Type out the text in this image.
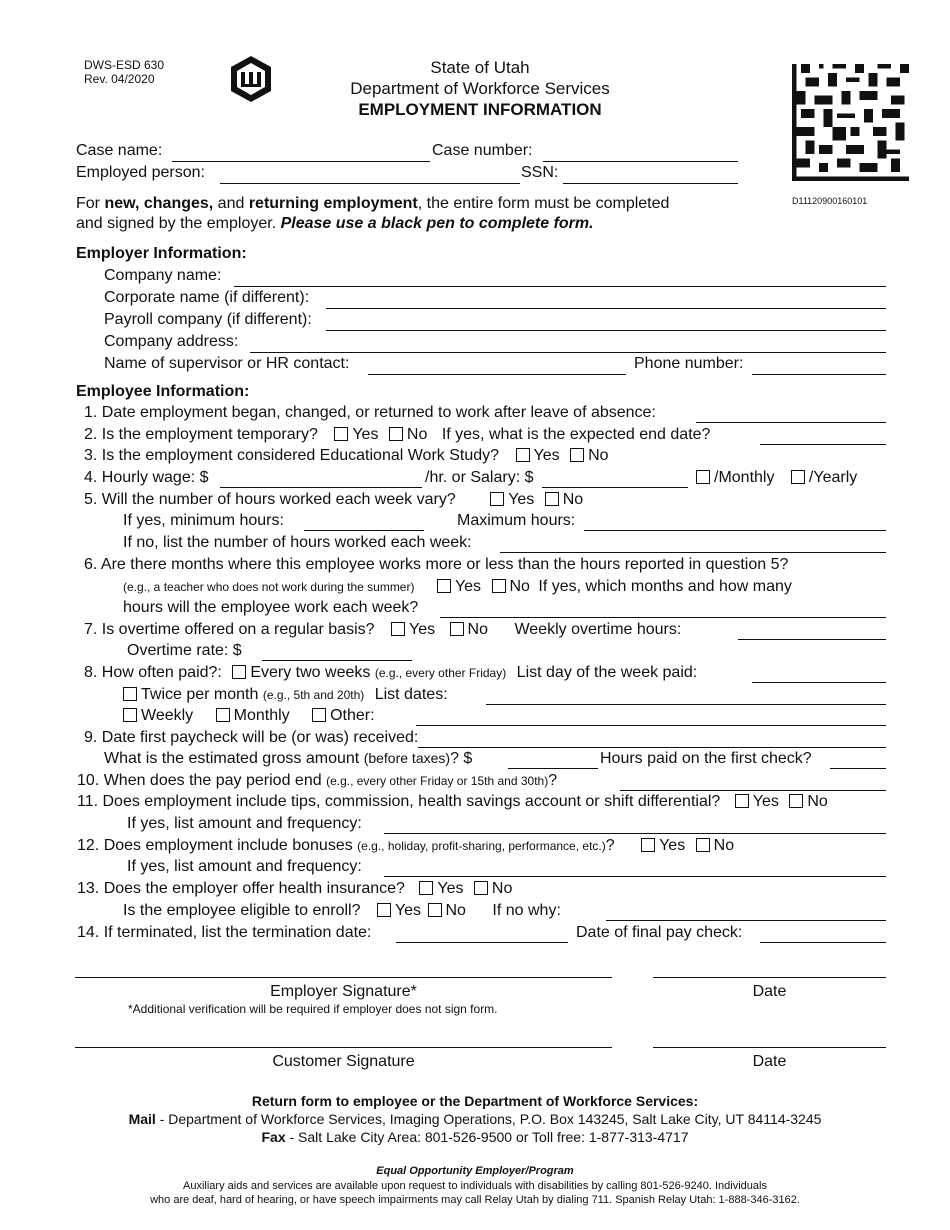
DWS-ESD 630
Rev. 04/2020
State of Utah
Department of Workforce Services
EMPLOYMENT INFORMATION
D11120900160101
Case name:	Case number:
Employed person:	SSN:
For new, changes, and returning employment, the entire form must be completed
and signed by the employer. Please use a black pen to complete form.
Employer Information:
Company name:
Corporate name (if different):
Payroll company (if different):
Company address:
Name of supervisor or HR contact:	Phone number:
Employee Information:
1. Date employment began, changed, or returned to work after leave of absence:
2. Is the employment temporary? Yes No If yes, what is the expected end date?
3. Is the employment considered Educational Work Study? Yes No
4. Hourly wage: $	/hr. or Salary: $	/Monthly /Yearly
5. Will the number of hours worked each week vary?	Yes No
If yes, minimum hours:	Maximum hours:
If no, list the number of hours worked each week:
6. Are there months where this employee works more or less than the hours reported in question 5?
(e.g., a teacher who does not work during the summer)	Yes No If yes, which months and how many
hours will the employee work each week?
7. Is overtime offered on a regular basis? Yes No Weekly overtime hours:
Overtime rate: $
8. How often paid?: Every two weeks (e.g., every other Friday) List day of the week paid:
Twice per month (e.g., 5th and 20th) List dates:
Weekly	Monthly	Other:
9. Date first paycheck will be (or was) received:
What is the estimated gross amount (before taxes)? $	Hours paid on the first check?
10. When does the pay period end (e.g., every other Friday or 15th and 30th)?
11. Does employment include tips, commission, health savings account or shift differential? Yes No
If yes, list amount and frequency:
12. Does employment include bonuses (e.g., holiday, profit-sharing, performance, etc.)?	Yes No
If yes, list amount and frequency:
13. Does the employer offer health insurance? Yes No
Is the employee eligible to enroll? Yes No If no why:
14. If terminated, list the termination date:	Date of final pay check:
Employer Signature*	Date
*Additional verification will be required if employer does not sign form.
Customer Signature	Date
Return form to employee or the Department of Workforce Services:
Mail - Department of Workforce Services, Imaging Operations, P.O. Box 143245, Salt Lake City, UT 84114-3245
Fax - Salt Lake City Area: 801-526-9500 or Toll free: 1-877-313-4717
Equal Opportunity Employer/Program
Auxiliary aids and services are available upon request to individuals with disabilities by calling 801-526-9240. Individuals
who are deaf, hard of hearing, or have speech impairments may call Relay Utah by dialing 711. Spanish Relay Utah: 1-888-346-3162.
